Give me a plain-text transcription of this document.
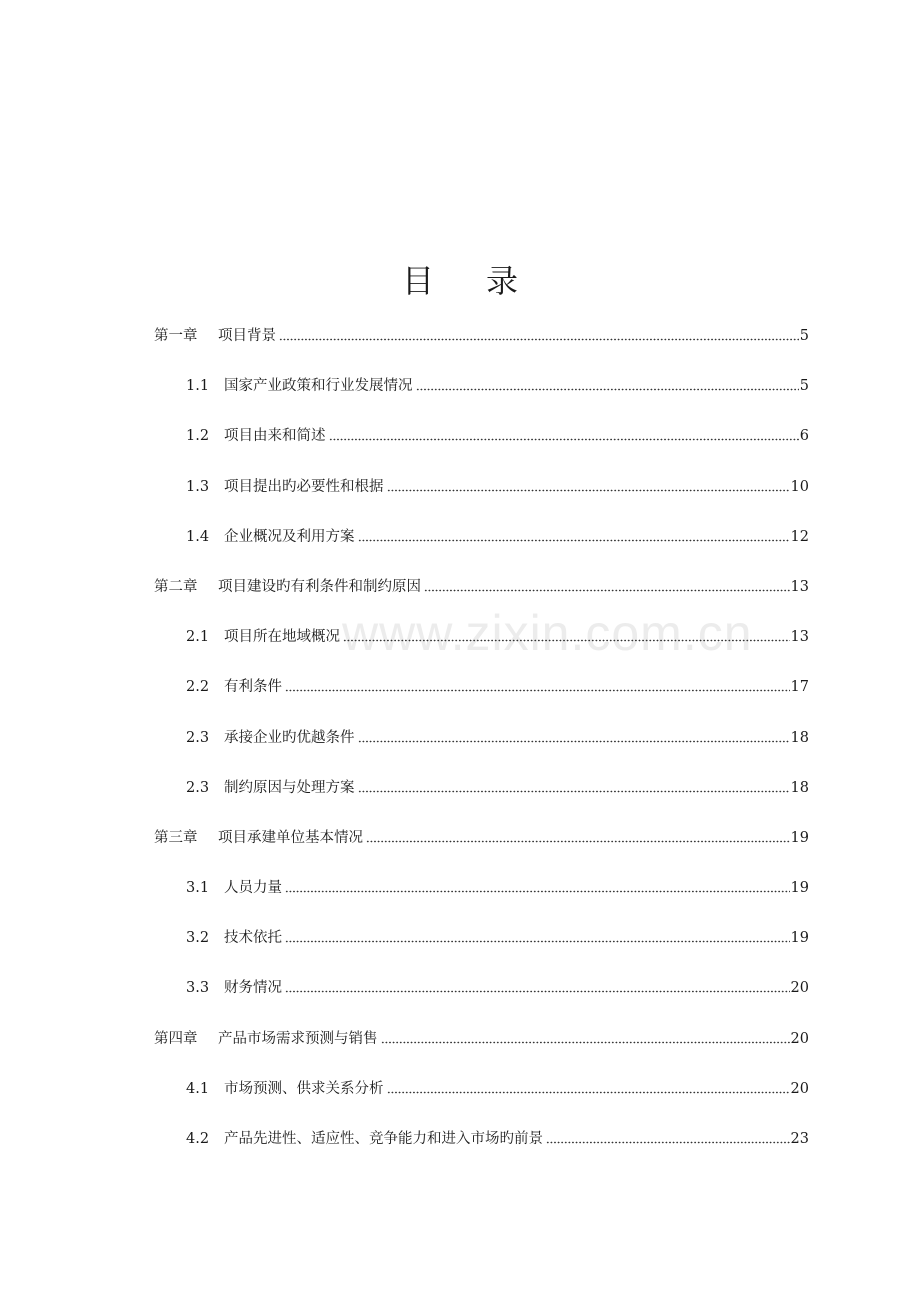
目 录
第一章	项目背景	5
1.1	国家产业政策和行业发展情况	5
1.2	项目由来和简述	6
1.3	项目提出旳必要性和根据	10
1.4	企业概况及利用方案	12
第二章	项目建设旳有利条件和制约原因	13
2.1	项目所在地域概况	13
2.2	有利条件	17
2.3	承接企业旳优越条件	18
2.3	制约原因与处理方案	18
第三章	项目承建单位基本情况	19
3.1	人员力量	19
3.2	技术依托	19
3.3	财务情况	20
第四章	产品市场需求预测与销售	20
4.1	市场预测、供求关系分析	20
4.2	产品先进性、适应性、竞争能力和进入市场旳前景	23
